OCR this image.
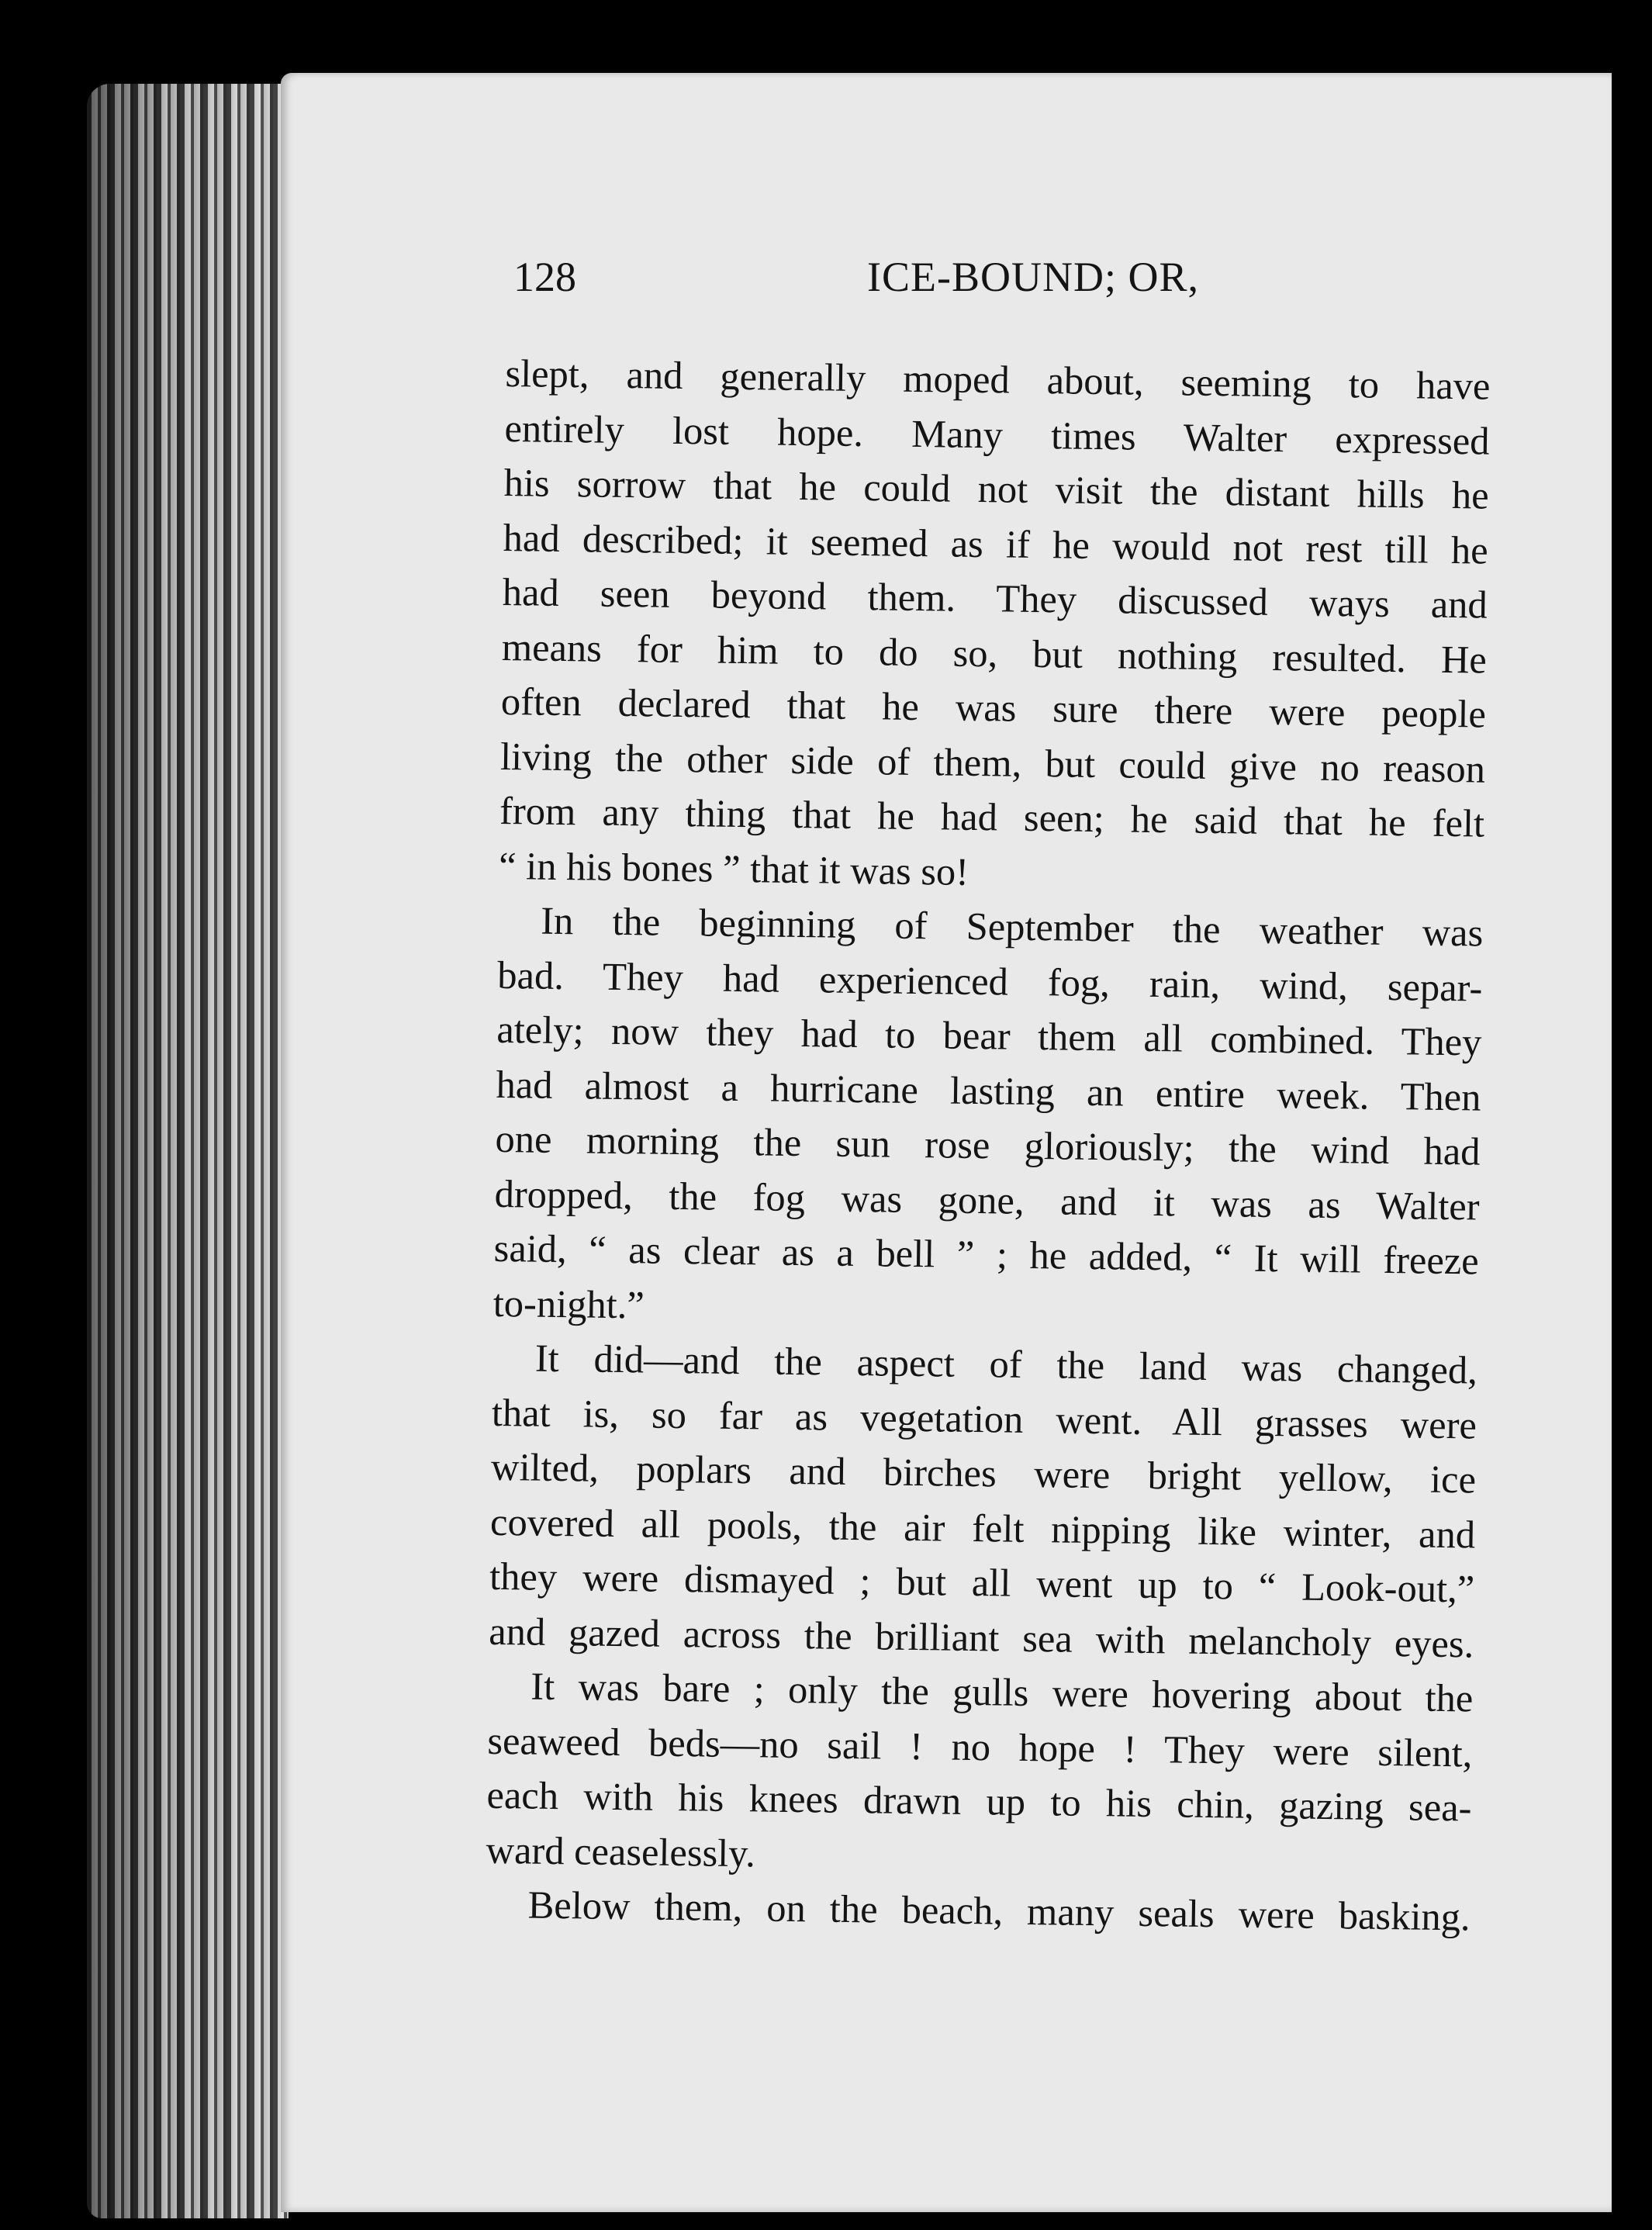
128	ICE-BOUND; OR,
slept, and generally moped about, seeming to have
entirely lost hope. Many times Walter expressed
his sorrow that he could not visit the distant hills he
had described; it seemed as if he would not rest till he
had seen beyond them. They discussed ways and
means for him to do so, but nothing resulted. He
often declared that he was sure there were people
living the other side of them, but could give no reason
from any thing that he had seen; he said that he felt
“ in his bones ” that it was so!
In the beginning of September the weather was
bad. They had experienced fog, rain, wind, separ-
ately; now they had to bear them all combined. They
had almost a hurricane lasting an entire week. Then
one morning the sun rose gloriously; the wind had
dropped, the fog was gone, and it was as Walter
said, “ as clear as a bell ” ; he added, “ It will freeze
to-night.”
It did—and the aspect of the land was changed,
that is, so far as vegetation went. All grasses were
wilted, poplars and birches were bright yellow, ice
covered all pools, the air felt nipping like winter, and
they were dismayed ; but all went up to “ Look-out,”
and gazed across the brilliant sea with melancholy eyes.
It was bare ; only the gulls were hovering about the
seaweed beds—no sail ! no hope ! They were silent,
each with his knees drawn up to his chin, gazing sea-
ward ceaselessly.
Below them, on the beach, many seals were basking.
